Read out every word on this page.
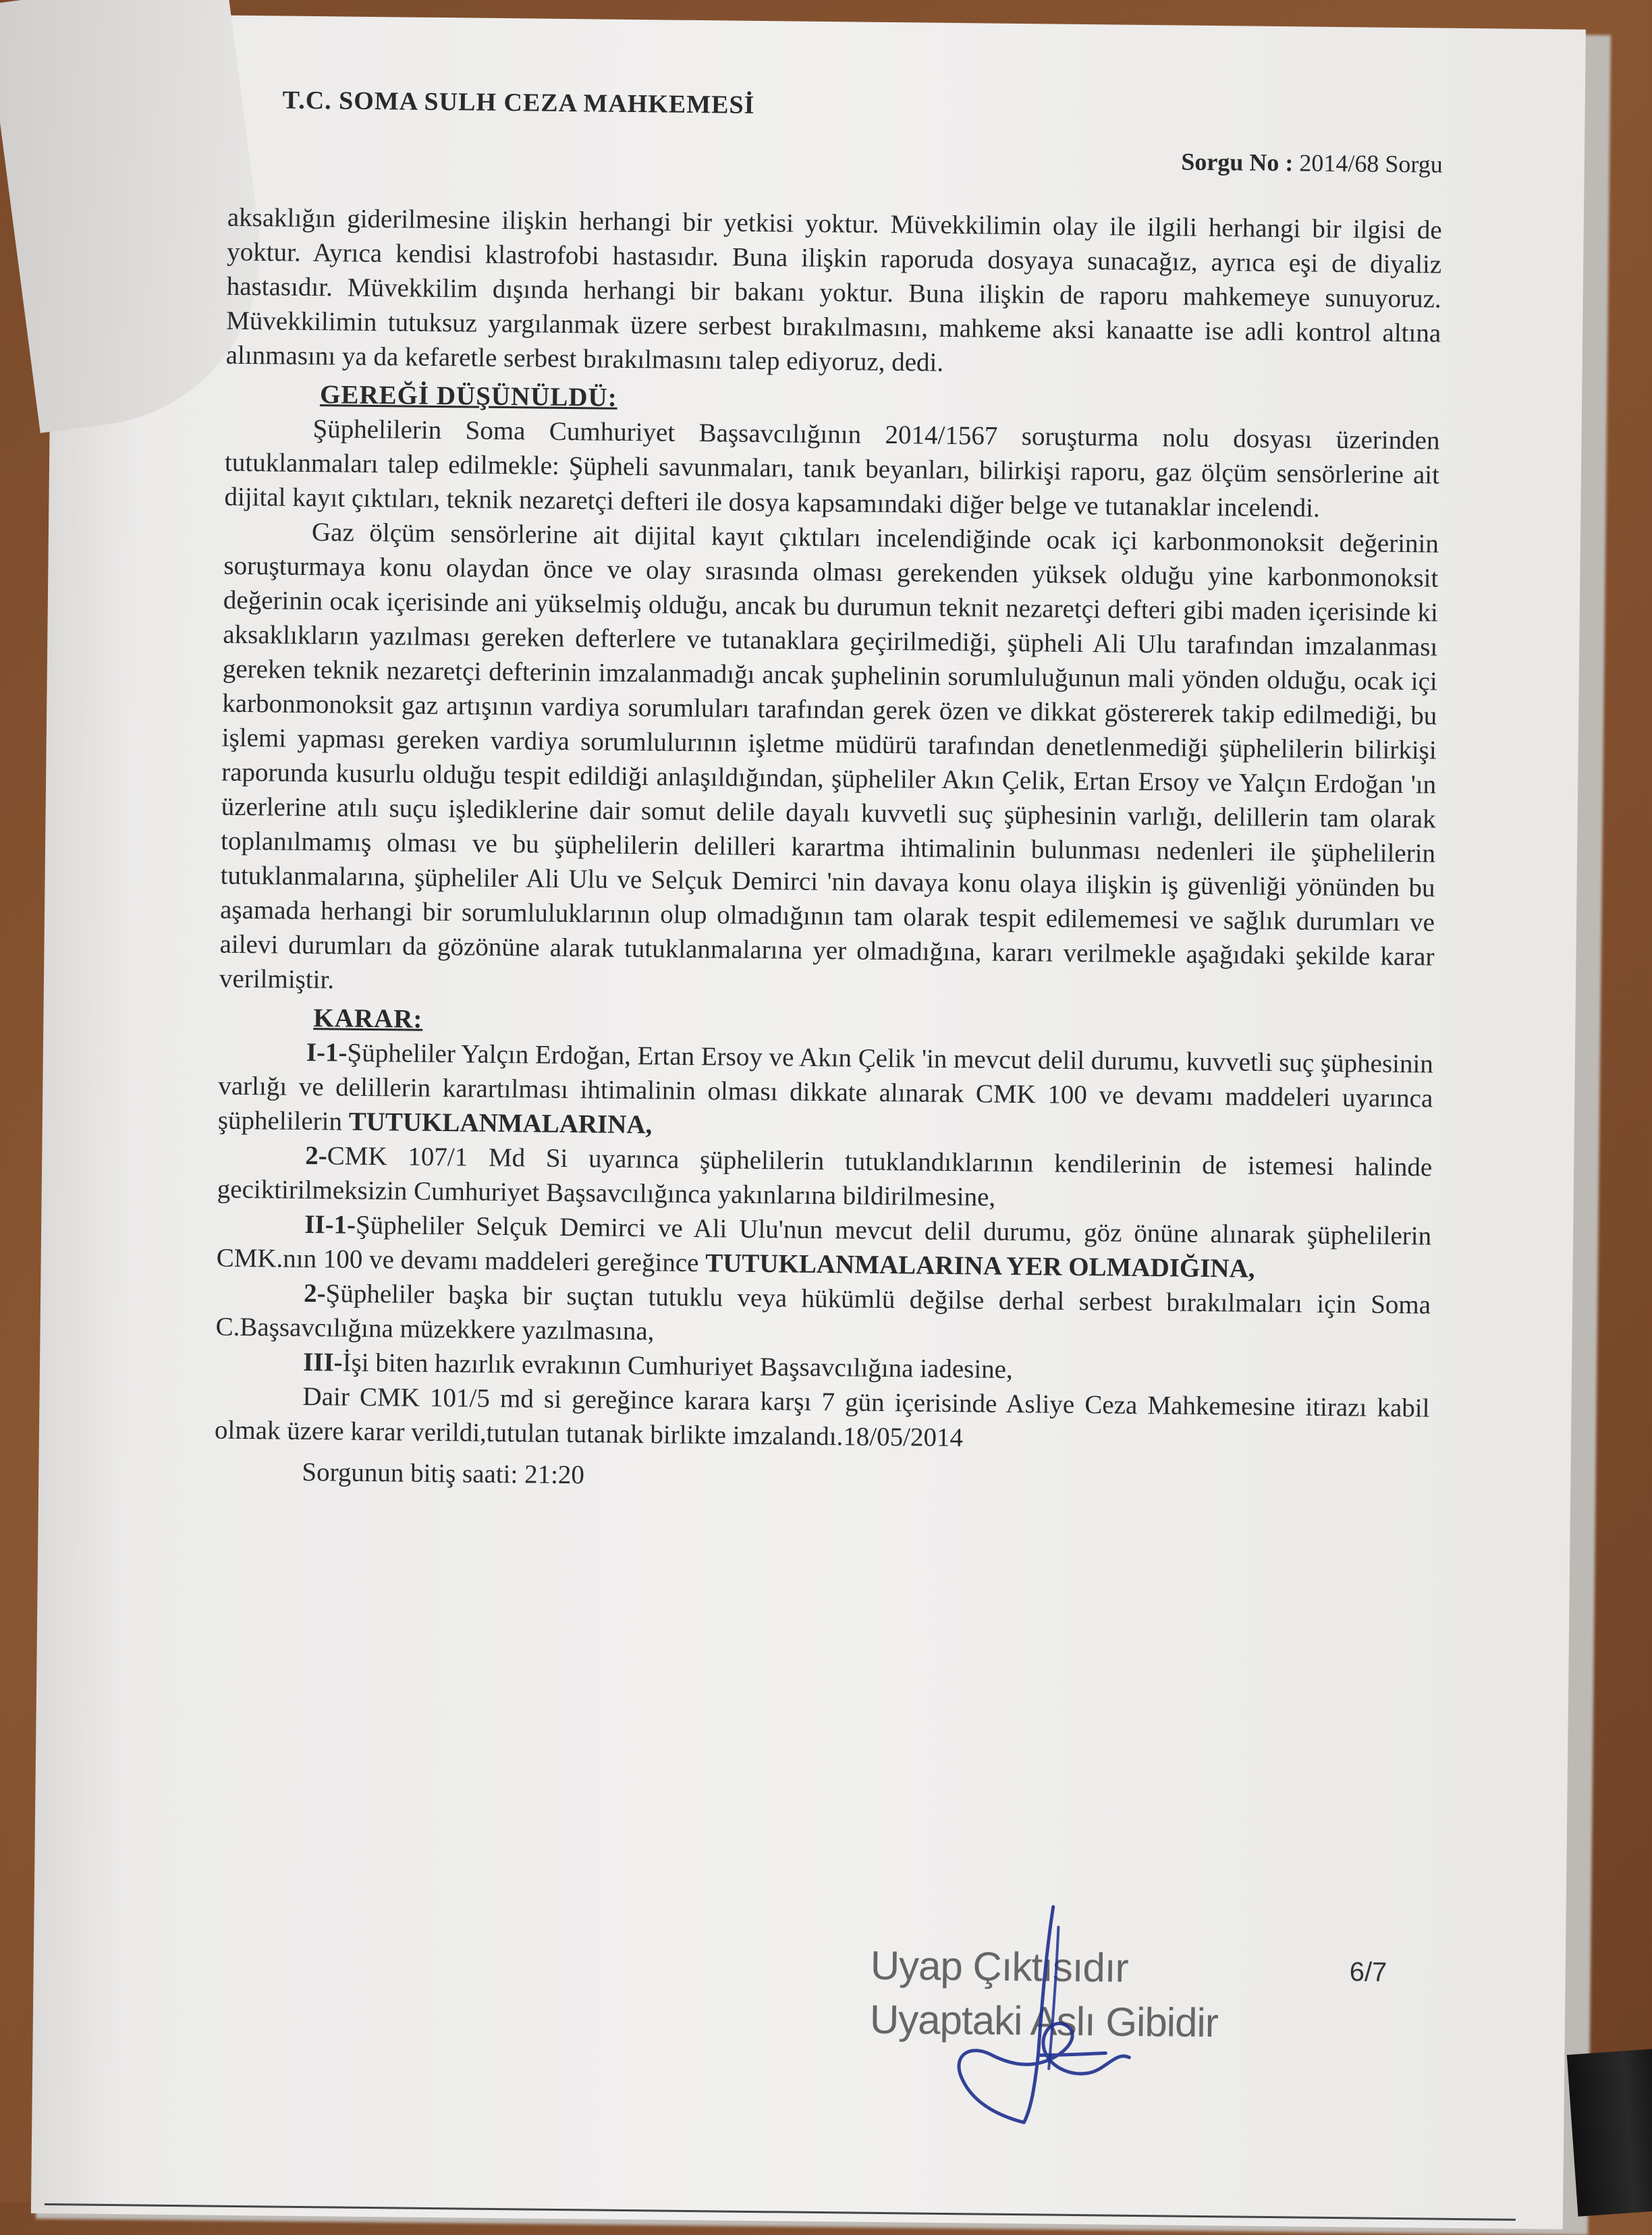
T.C. SOMA SULH CEZA MAHKEMESİ
Sorgu No : 2014/68 Sorgu

aksaklığın giderilmesine ilişkin herhangi bir yetkisi yoktur. Müvekkilimin olay ile ilgili herhangi bir ilgisi de yoktur. Ayrıca kendisi klastrofobi hastasıdır. Buna ilişkin raporuda dosyaya sunacağız, ayrıca eşi de diyaliz hastasıdır. Müvekkilim dışında herhangi bir bakanı yoktur. Buna ilişkin de raporu mahkemeye sunuyoruz. Müvekkilimin tutuksuz yargılanmak üzere serbest bırakılmasını, mahkeme aksi kanaatte ise adli kontrol altına alınmasını ya da kefaretle serbest bırakılmasını talep ediyoruz, dedi.

GEREĞİ DÜŞÜNÜLDÜ:

Şüphelilerin Soma Cumhuriyet Başsavcılığının 2014/1567 soruşturma nolu dosyası üzerinden tutuklanmaları talep edilmekle: Şüpheli savunmaları, tanık beyanları, bilirkişi raporu, gaz ölçüm sensörlerine ait dijital kayıt çıktıları, teknik nezaretçi defteri ile dosya kapsamındaki diğer belge ve tutanaklar incelendi.

Gaz ölçüm sensörlerine ait dijital kayıt çıktıları incelendiğinde ocak içi karbonmonoksit değerinin soruşturmaya konu olaydan önce ve olay sırasında olması gerekenden yüksek olduğu yine karbonmonoksit değerinin ocak içerisinde ani yükselmiş olduğu, ancak bu durumun teknit nezaretçi defteri gibi maden içerisinde ki aksaklıkların yazılması gereken defterlere ve tutanaklara geçirilmediği, şüpheli Ali Ulu tarafından imzalanması gereken teknik nezaretçi defterinin imzalanmadığı ancak şuphelinin sorumluluğunun mali yönden olduğu, ocak içi karbonmonoksit gaz artışının vardiya sorumluları tarafından gerek özen ve dikkat göstererek takip edilmediği, bu işlemi yapması gereken vardiya sorumlulurının işletme müdürü tarafından denetlenmediği şüphelilerin bilirkişi raporunda kusurlu olduğu tespit edildiği anlaşıldığından, şüpheliler Akın Çelik, Ertan Ersoy ve Yalçın Erdoğan 'ın üzerlerine atılı suçu işlediklerine dair somut delile dayalı kuvvetli suç şüphesinin varlığı, delillerin tam olarak toplanılmamış olması ve bu şüphelilerin delilleri karartma ihtimalinin bulunması nedenleri ile şüphelilerin tutuklanmalarına, şüpheliler Ali Ulu ve Selçuk Demirci 'nin davaya konu olaya ilişkin iş güvenliği yönünden bu aşamada herhangi bir sorumluluklarının olup olmadığının tam olarak tespit edilememesi ve sağlık durumları ve ailevi durumları da gözönüne alarak tutuklanmalarına yer olmadığına, kararı verilmekle aşağıdaki şekilde karar verilmiştir.

KARAR:

I-1-Şüpheliler Yalçın Erdoğan, Ertan Ersoy ve Akın Çelik 'in mevcut delil durumu, kuvvetli suç şüphesinin varlığı ve delillerin karartılması ihtimalinin olması dikkate alınarak CMK 100 ve devamı maddeleri uyarınca şüphelilerin TUTUKLANMALARINA,

2-CMK 107/1 Md Si uyarınca şüphelilerin tutuklandıklarının kendilerinin de istemesi halinde geciktirilmeksizin Cumhuriyet Başsavcılığınca yakınlarına bildirilmesine,

II-1-Şüpheliler Selçuk Demirci ve Ali Ulu'nun mevcut delil durumu, göz önüne alınarak şüphelilerin CMK.nın 100 ve devamı maddeleri gereğince TUTUKLANMALARINA YER OLMADIĞINA,

2-Şüpheliler başka bir suçtan tutuklu veya hükümlü değilse derhal serbest bırakılmaları için Soma C.Başsavcılığına müzekkere yazılmasına,

III-İşi biten hazırlık evrakının Cumhuriyet Başsavcılığına iadesine,

Dair CMK 101/5 md si gereğince karara karşı 7 gün içerisinde Asliye Ceza Mahkemesine itirazı kabil olmak üzere karar verildi,tutulan tutanak birlikte imzalandı.18/05/2014

Sorgunun bitiş saati: 21:20

6/7
Uyap Çıktısıdır
Uyaptaki Aslı Gibidir
